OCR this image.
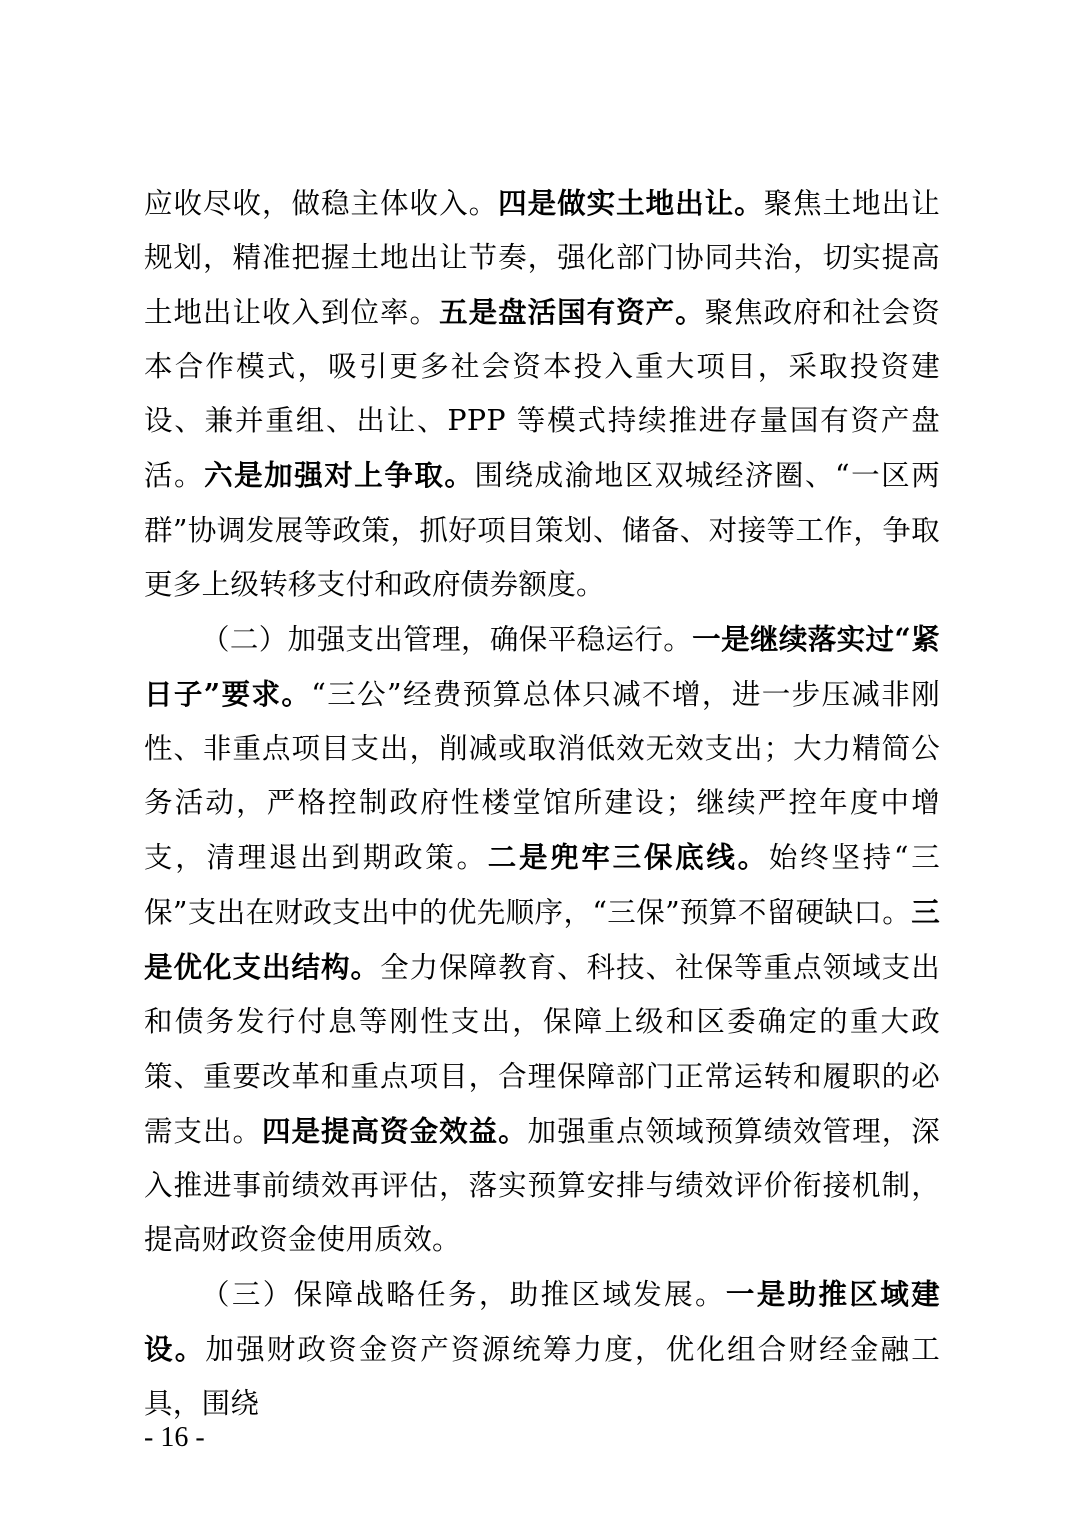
应收尽收，做稳主体收入。四是做实土地出让。聚焦土地出让规划，精准把握土地出让节奏，强化部门协同共治，切实提高土地出让收入到位率。五是盘活国有资产。聚焦政府和社会资本合作模式，吸引更多社会资本投入重大项目，采取投资建设、兼并重组、出让、PPP 等模式持续推进存量国有资产盘活。六是加强对上争取。围绕成渝地区双城经济圈、“一区两群”协调发展等政策，抓好项目策划、储备、对接等工作，争取更多上级转移支付和政府债券额度。

（二）加强支出管理，确保平稳运行。一是继续落实过“紧日子”要求。“三公”经费预算总体只减不增，进一步压减非刚性、非重点项目支出，削减或取消低效无效支出；大力精简公务活动，严格控制政府性楼堂馆所建设；继续严控年度中增支，清理退出到期政策。二是兜牢三保底线。始终坚持“三保”支出在财政支出中的优先顺序，“三保”预算不留硬缺口。三是优化支出结构。全力保障教育、科技、社保等重点领域支出和债务发行付息等刚性支出，保障上级和区委确定的重大政策、重要改革和重点项目，合理保障部门正常运转和履职的必需支出。四是提高资金效益。加强重点领域预算绩效管理，深入推进事前绩效再评估，落实预算安排与绩效评价衔接机制，提高财政资金使用质效。

（三）保障战略任务，助推区域发展。一是助推区域建设。加强财政资金资产资源统筹力度，优化组合财经金融工具，围绕

- 16 -
